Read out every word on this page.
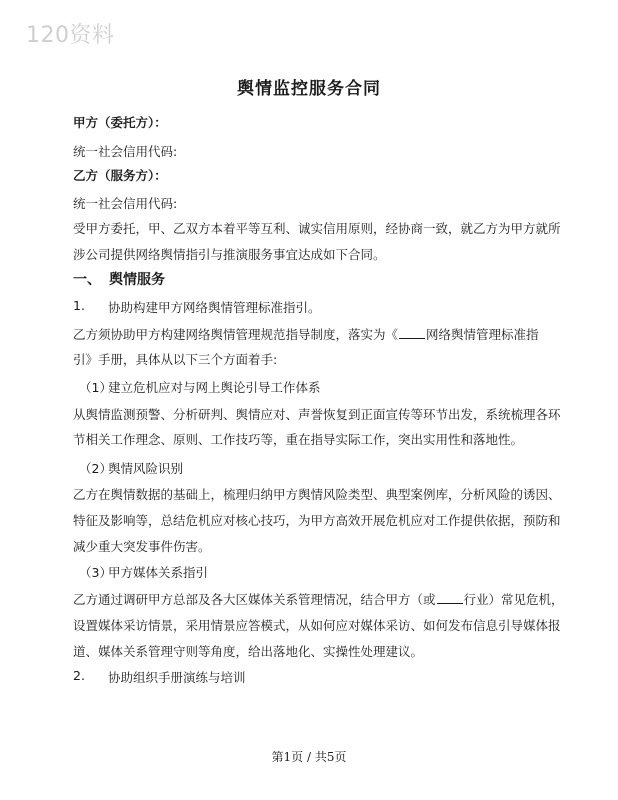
120资料
舆情监控服务合同
甲方（委托方）：
统一社会信用代码:
乙方（服务方）：
统一社会信用代码:
受甲方委托，甲、乙双方本着平等互利、诚实信用原则，经协商一致，就乙方为甲方就所
涉公司提供网络舆情指引与推演服务事宜达成如下合同。
一、 舆情服务
1. 协助构建甲方网络舆情管理标准指引。
乙方须协助甲方构建网络舆情管理规范指导制度，落实为《 网络舆情管理标准指
引》手册，具体从以下三个方面着手:
（1）
建立危机应对与网上舆论引导工作体系
从舆情监测预警、分析研判、舆情应对、声誉恢复到正面宣传等环节出发，系统梳理各环
节相关工作理念、原则、工作技巧等，重在指导实际工作，突出实用性和落地性。
（2）
舆情风险识别
乙方在舆情数据的基础上，梳理归纳甲方舆情风险类型、典型案例库，分析风险的诱因、
特征及影响等，总结危机应对核心技巧，为甲方高效开展危机应对工作提供依据，预防和
减少重大突发事件伤害。
（3）
甲方媒体关系指引
乙方通过调研甲方总部及各大区媒体关系管理情况，结合甲方（或 行业）常见危机，
设置媒体采访情景，采用情景应答模式，从如何应对媒体采访、如何发布信息引导媒体报
道、媒体关系管理守则等角度，给出落地化、实操性处理建议。
2. 协助组织手册演练与培训
第1页 / 共5页
